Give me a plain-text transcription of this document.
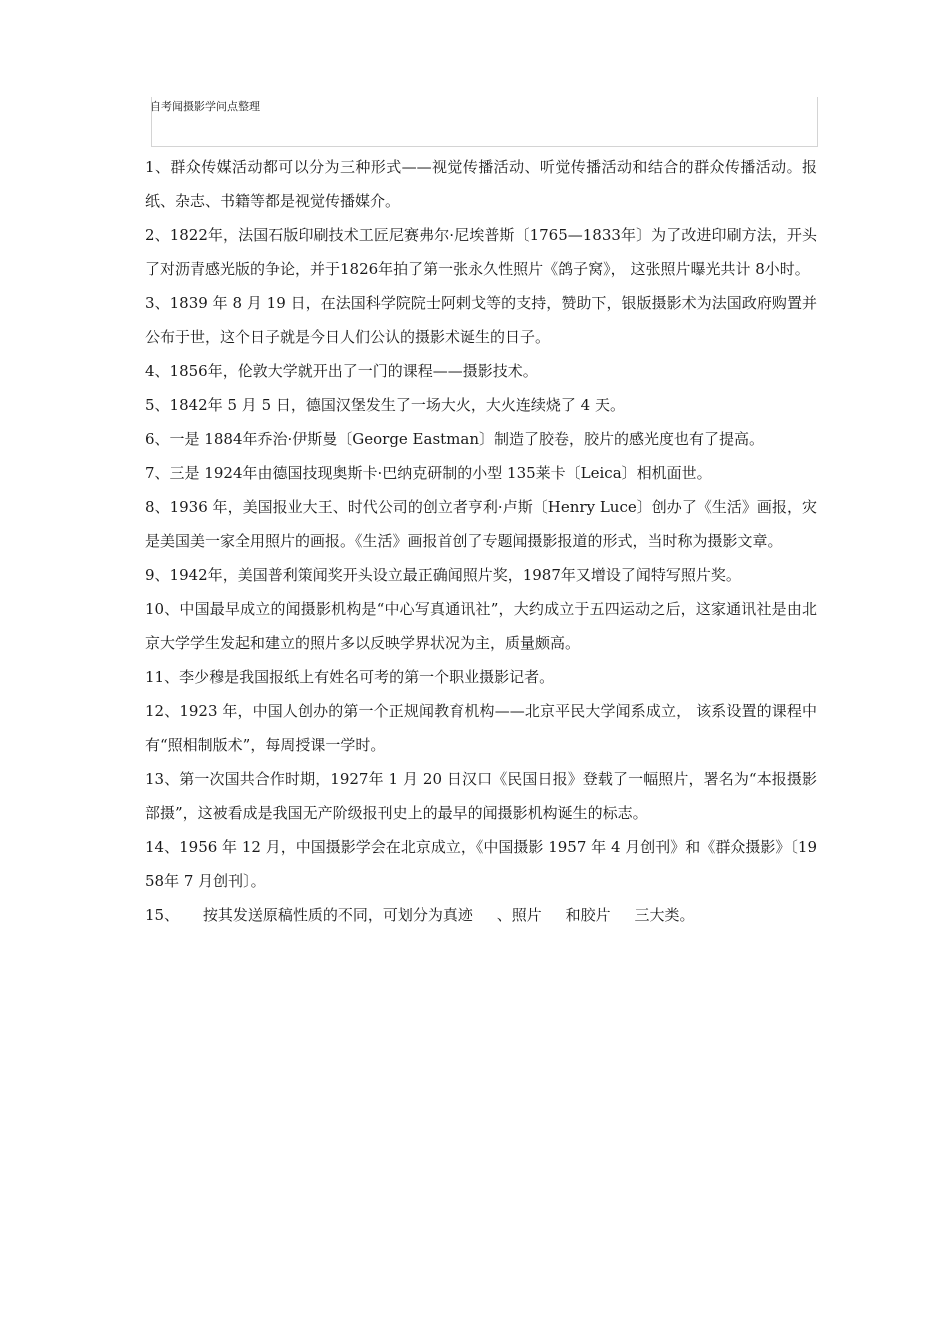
自考闻摄影学问点整理

1、群众传媒活动都可以分为三种形式——视觉传播活动、听觉传播活动和结合的群众传播活动。报纸、杂志、书籍等都是视觉传播媒介。

2、1822年，法国石版印刷技术工匠尼赛弗尔·尼埃普斯〔1765—1833年〕为了改进印刷方法，开头了对沥青感光版的争论，并于1826年拍了第一张永久性照片《鸽子窝》， 这张照片曝光共计 8小时。

3、1839 年 8 月 19 日，在法国科学院院士阿剌戈等的支持，赞助下，银版摄影术为法国政府购置并公布于世，这个日子就是今日人们公认的摄影术诞生的日子。

4、1856年，伦敦大学就开出了一门的课程——摄影技术。

5、1842年 5 月 5 日，德国汉堡发生了一场大火，大火连续烧了 4 天。

6、一是 1884年乔治·伊斯曼〔George Eastman〕制造了胶卷，胶片的感光度也有了提高。

7、三是 1924年由德国技现奥斯卡·巴纳克研制的小型 135莱卡〔Leica〕相机面世。

8、1936 年，美国报业大王、时代公司的创立者亨利·卢斯〔Henry Luce〕创办了《生活》画报，灾是美国美一家全用照片的画报。《生活》画报首创了专题闻摄影报道的形式，当时称为摄影文章。

9、1942年，美国普利策闻奖开头设立最正确闻照片奖，1987年又增设了闻特写照片奖。

10、中国最早成立的闻摄影机构是“中心写真通讯社”，大约成立于五四运动之后，这家通讯社是由北京大学学生发起和建立的照片多以反映学界状况为主，质量颇高。

11、李少穆是我国报纸上有姓名可考的第一个职业摄影记者。

12、1923 年，中国人创办的第一个正规闻教育机构——北京平民大学闻系成立， 该系设置的课程中有“照相制版术”，每周授课一学时。

13、第一次国共合作时期，1927年 1 月 20 日汉口《民国日报》登载了一幅照片，署名为“本报摄影部摄”，这被看成是我国无产阶级报刊史上的最早的闻摄影机构诞生的标志。

14、1956 年 12 月，中国摄影学会在北京成立，《中国摄影 1957 年 4 月创刊》和《群众摄影》〔1958年 7 月创刊〕。

15、     按其发送原稿性质的不同，可划分为真迹     、照片     和胶片     三大类。
